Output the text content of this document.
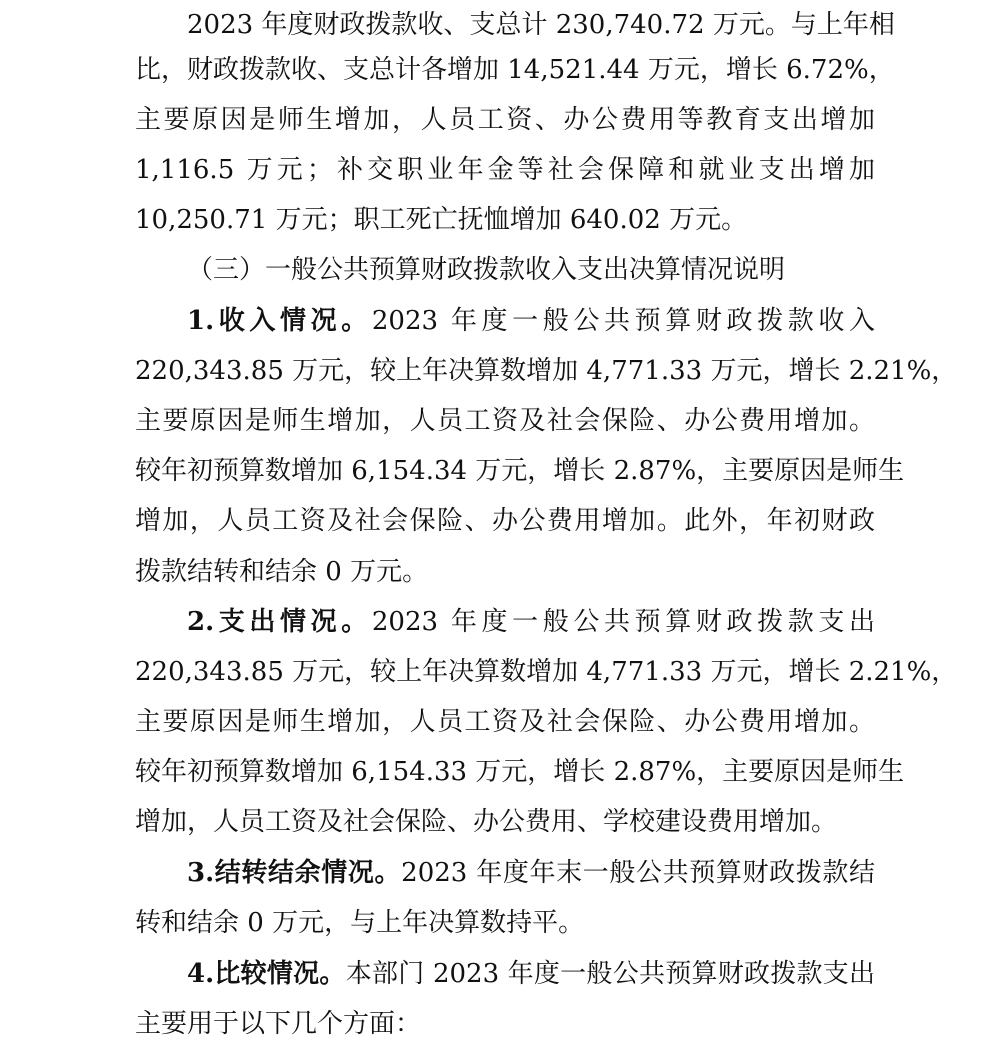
2023 年度财政拨款收、支总计 230,740.72 万元。与上年相
比，财政拨款收、支总计各增加 14,521.44 万元，增长 6.72%，
主要原因是师生增加，人员工资、办公费用等教育支出增加
1,116.5 万元；补交职业年金等社会保障和就业支出增加
10,250.71 万元；职工死亡抚恤增加 640.02 万元。
（三）一般公共预算财政拨款收入支出决算情况说明
1.收入情况。2023 年度一般公共预算财政拨款收入
220,343.85 万元，较上年决算数增加 4,771.33 万元，增长 2.21%，
主要原因是师生增加，人员工资及社会保险、办公费用增加。
较年初预算数增加 6,154.34 万元，增长 2.87%，主要原因是师生
增加，人员工资及社会保险、办公费用增加。此外，年初财政
拨款结转和结余 0 万元。
2.支出情况。2023 年度一般公共预算财政拨款支出
220,343.85 万元，较上年决算数增加 4,771.33 万元，增长 2.21%，
主要原因是师生增加，人员工资及社会保险、办公费用增加。
较年初预算数增加 6,154.33 万元，增长 2.87%，主要原因是师生
增加，人员工资及社会保险、办公费用、学校建设费用增加。
3.结转结余情况。2023 年度年末一般公共预算财政拨款结
转和结余 0 万元，与上年决算数持平。
4.比较情况。本部门 2023 年度一般公共预算财政拨款支出
主要用于以下几个方面：
